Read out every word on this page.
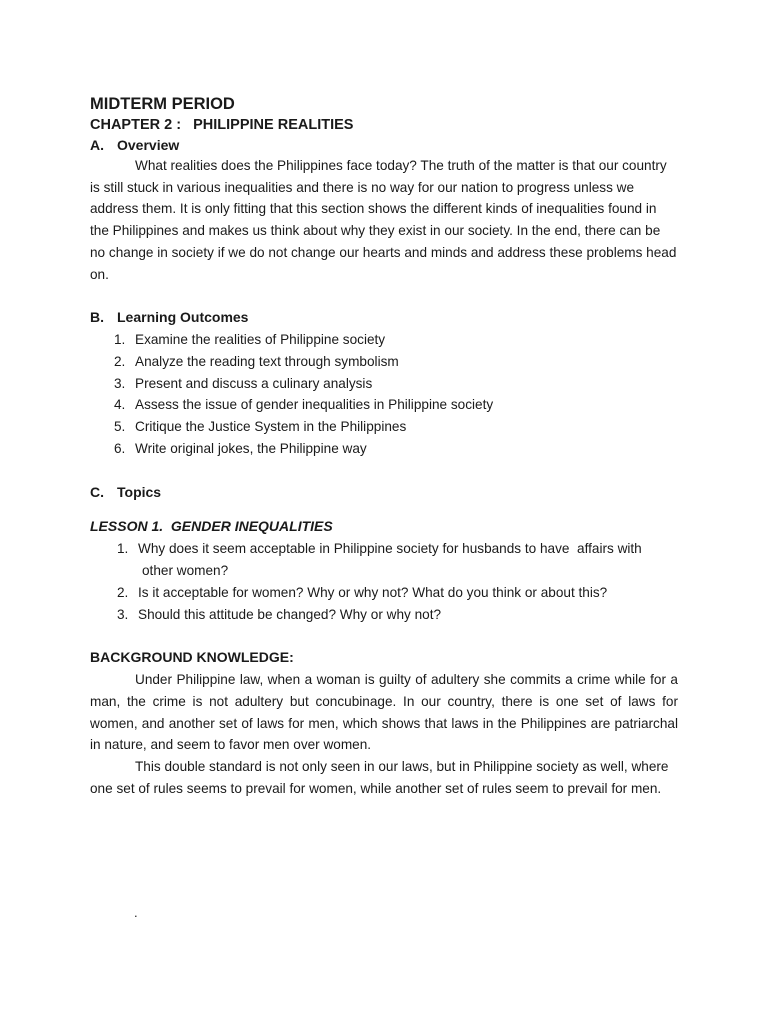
MIDTERM PERIOD
CHAPTER 2 :   PHILIPPINE REALITIES
A. Overview

What realities does the Philippines face today? The truth of the matter is that our country is still stuck in various inequalities and there is no way for our nation to progress unless we address them. It is only fitting that this section shows the different kinds of inequalities found in the Philippines and makes us think about why they exist in our society. In the end, there can be no change in society if we do not change our hearts and minds and address these problems head on.

B. Learning Outcomes
1. Examine the realities of Philippine society
2. Analyze the reading text through symbolism
3. Present and discuss a culinary analysis
4. Assess the issue of gender inequalities in Philippine society
5. Critique the Justice System in the Philippines
6. Write original jokes, the Philippine way
C. Topics
LESSON 1.  GENDER INEQUALITIES
1. Why does it seem acceptable in Philippine society for husbands to have  affairs with
other women?
2. Is it acceptable for women? Why or why not? What do you think or about this?
3. Should this attitude be changed? Why or why not?
BACKGROUND KNOWLEDGE:

Under Philippine law, when a woman is guilty of adultery she commits a crime while for a man, the crime is not adultery but concubinage. In our country, there is one set of laws for women, and another set of laws for men, which shows that laws in the Philippines are patriarchal in nature, and seem to favor men over women.

This double standard is not only seen in our laws, but in Philippine society as well, where one set of rules seems to prevail for women, while another set of rules seem to prevail for men.

.
